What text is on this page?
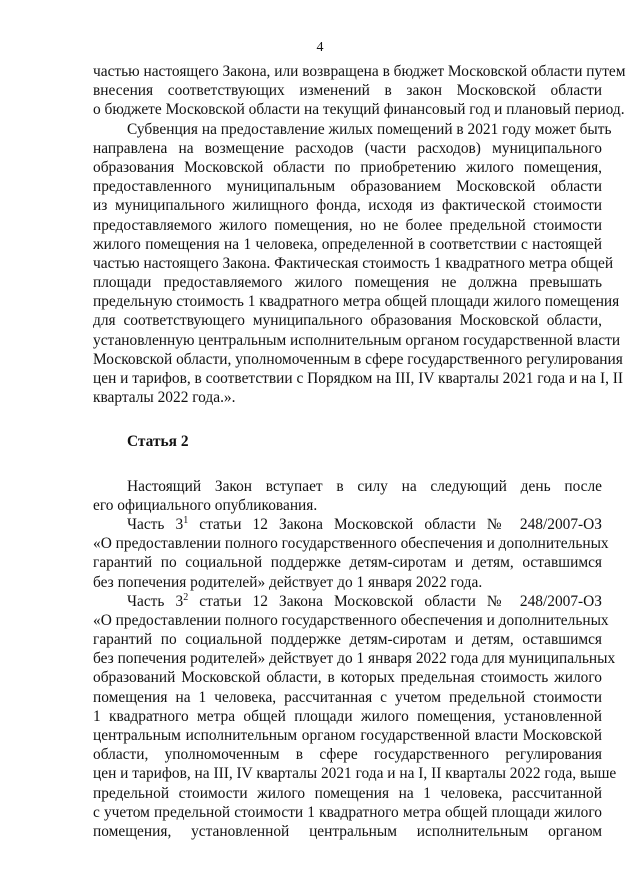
4
частью настоящего Закона, или возвращена в бюджет Московской области путем
внесения соответствующих изменений в закон Московской области
о бюджете Московской области на текущий финансовый год и плановый период.
Субвенция на предоставление жилых помещений в 2021 году может быть
направлена на возмещение расходов (части расходов) муниципального
образования Московской области по приобретению жилого помещения,
предоставленного муниципальным образованием Московской области
из муниципального жилищного фонда, исходя из фактической стоимости
предоставляемого жилого помещения, но не более предельной стоимости
жилого помещения на 1 человека, определенной в соответствии с настоящей
частью настоящего Закона. Фактическая стоимость 1 квадратного метра общей
площади предоставляемого жилого помещения не должна превышать
предельную стоимость 1 квадратного метра общей площади жилого помещения
для соответствующего муниципального образования Московской области,
установленную центральным исполнительным органом государственной власти
Московской области, уполномоченным в сфере государственного регулирования
цен и тарифов, в соответствии с Порядком на III, IV кварталы 2021 года и на I, II
кварталы 2022 года.».
Статья 2
Настоящий Закон вступает в силу на следующий день после
его официального опубликования.
Часть $3^1$ статьи 12 Закона Московской области № 248/2007-ОЗ
«О предоставлении полного государственного обеспечения и дополнительных
гарантий по социальной поддержке детям-сиротам и детям, оставшимся
без попечения родителей» действует до 1 января 2022 года.
Часть $3^2$ статьи 12 Закона Московской области № 248/2007-ОЗ
«О предоставлении полного государственного обеспечения и дополнительных
гарантий по социальной поддержке детям-сиротам и детям, оставшимся
без попечения родителей» действует до 1 января 2022 года для муниципальных
образований Московской области, в которых предельная стоимость жилого
помещения на 1 человека, рассчитанная с учетом предельной стоимости
1 квадратного метра общей площади жилого помещения, установленной
центральным исполнительным органом государственной власти Московской
области, уполномоченным в сфере государственного регулирования
цен и тарифов, на III, IV кварталы 2021 года и на I, II кварталы 2022 года, выше
предельной стоимости жилого помещения на 1 человека, рассчитанной
с учетом предельной стоимости 1 квадратного метра общей площади жилого
помещения, установленной центральным исполнительным органом
